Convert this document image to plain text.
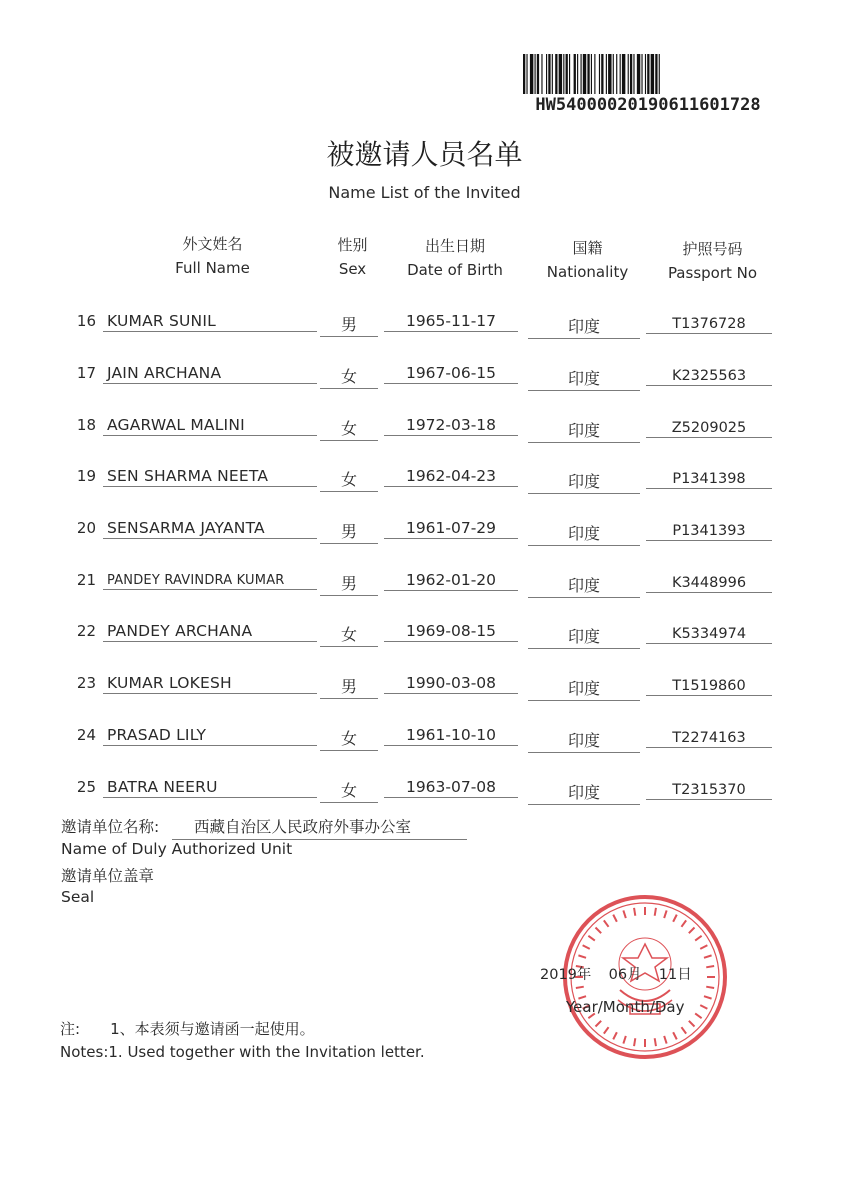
HW54000020190611601728
被邀请人员名单
Name List of the Invited
外文姓名
Full Name
性别
Sex
出生日期
Date of Birth
国籍
Nationality
护照号码
Passport No
16 KUMAR SUNIL	男	1965-11-17	印度	T1376728
17 JAIN ARCHANA	女	1967-06-15	印度	K2325563
18 AGARWAL MALINI	女	1972-03-18	印度	Z5209025
19 SEN SHARMA NEETA	女	1962-04-23	印度	P1341398
20 SENSARMA JAYANTA	男	1961-07-29	印度	P1341393
21 PANDEY RAVINDRA KUMAR	男	1962-01-20	印度	K3448996
22 PANDEY ARCHANA	女	1969-08-15	印度	K5334974
23 KUMAR LOKESH	男	1990-03-08	印度	T1519860
24 PRASAD LILY	女	1961-10-10	印度	T2274163
25 BATRA NEERU	女	1963-07-08	印度	T2315370
邀请单位名称:	西藏自治区人民政府外事办公室
Name of Duly Authorized Unit
邀请单位盖章
Seal
2019年 06月 11日
Year/Month/Day
注: 1、本表须与邀请函一起使用。
Notes:1. Used together with the Invitation letter.
